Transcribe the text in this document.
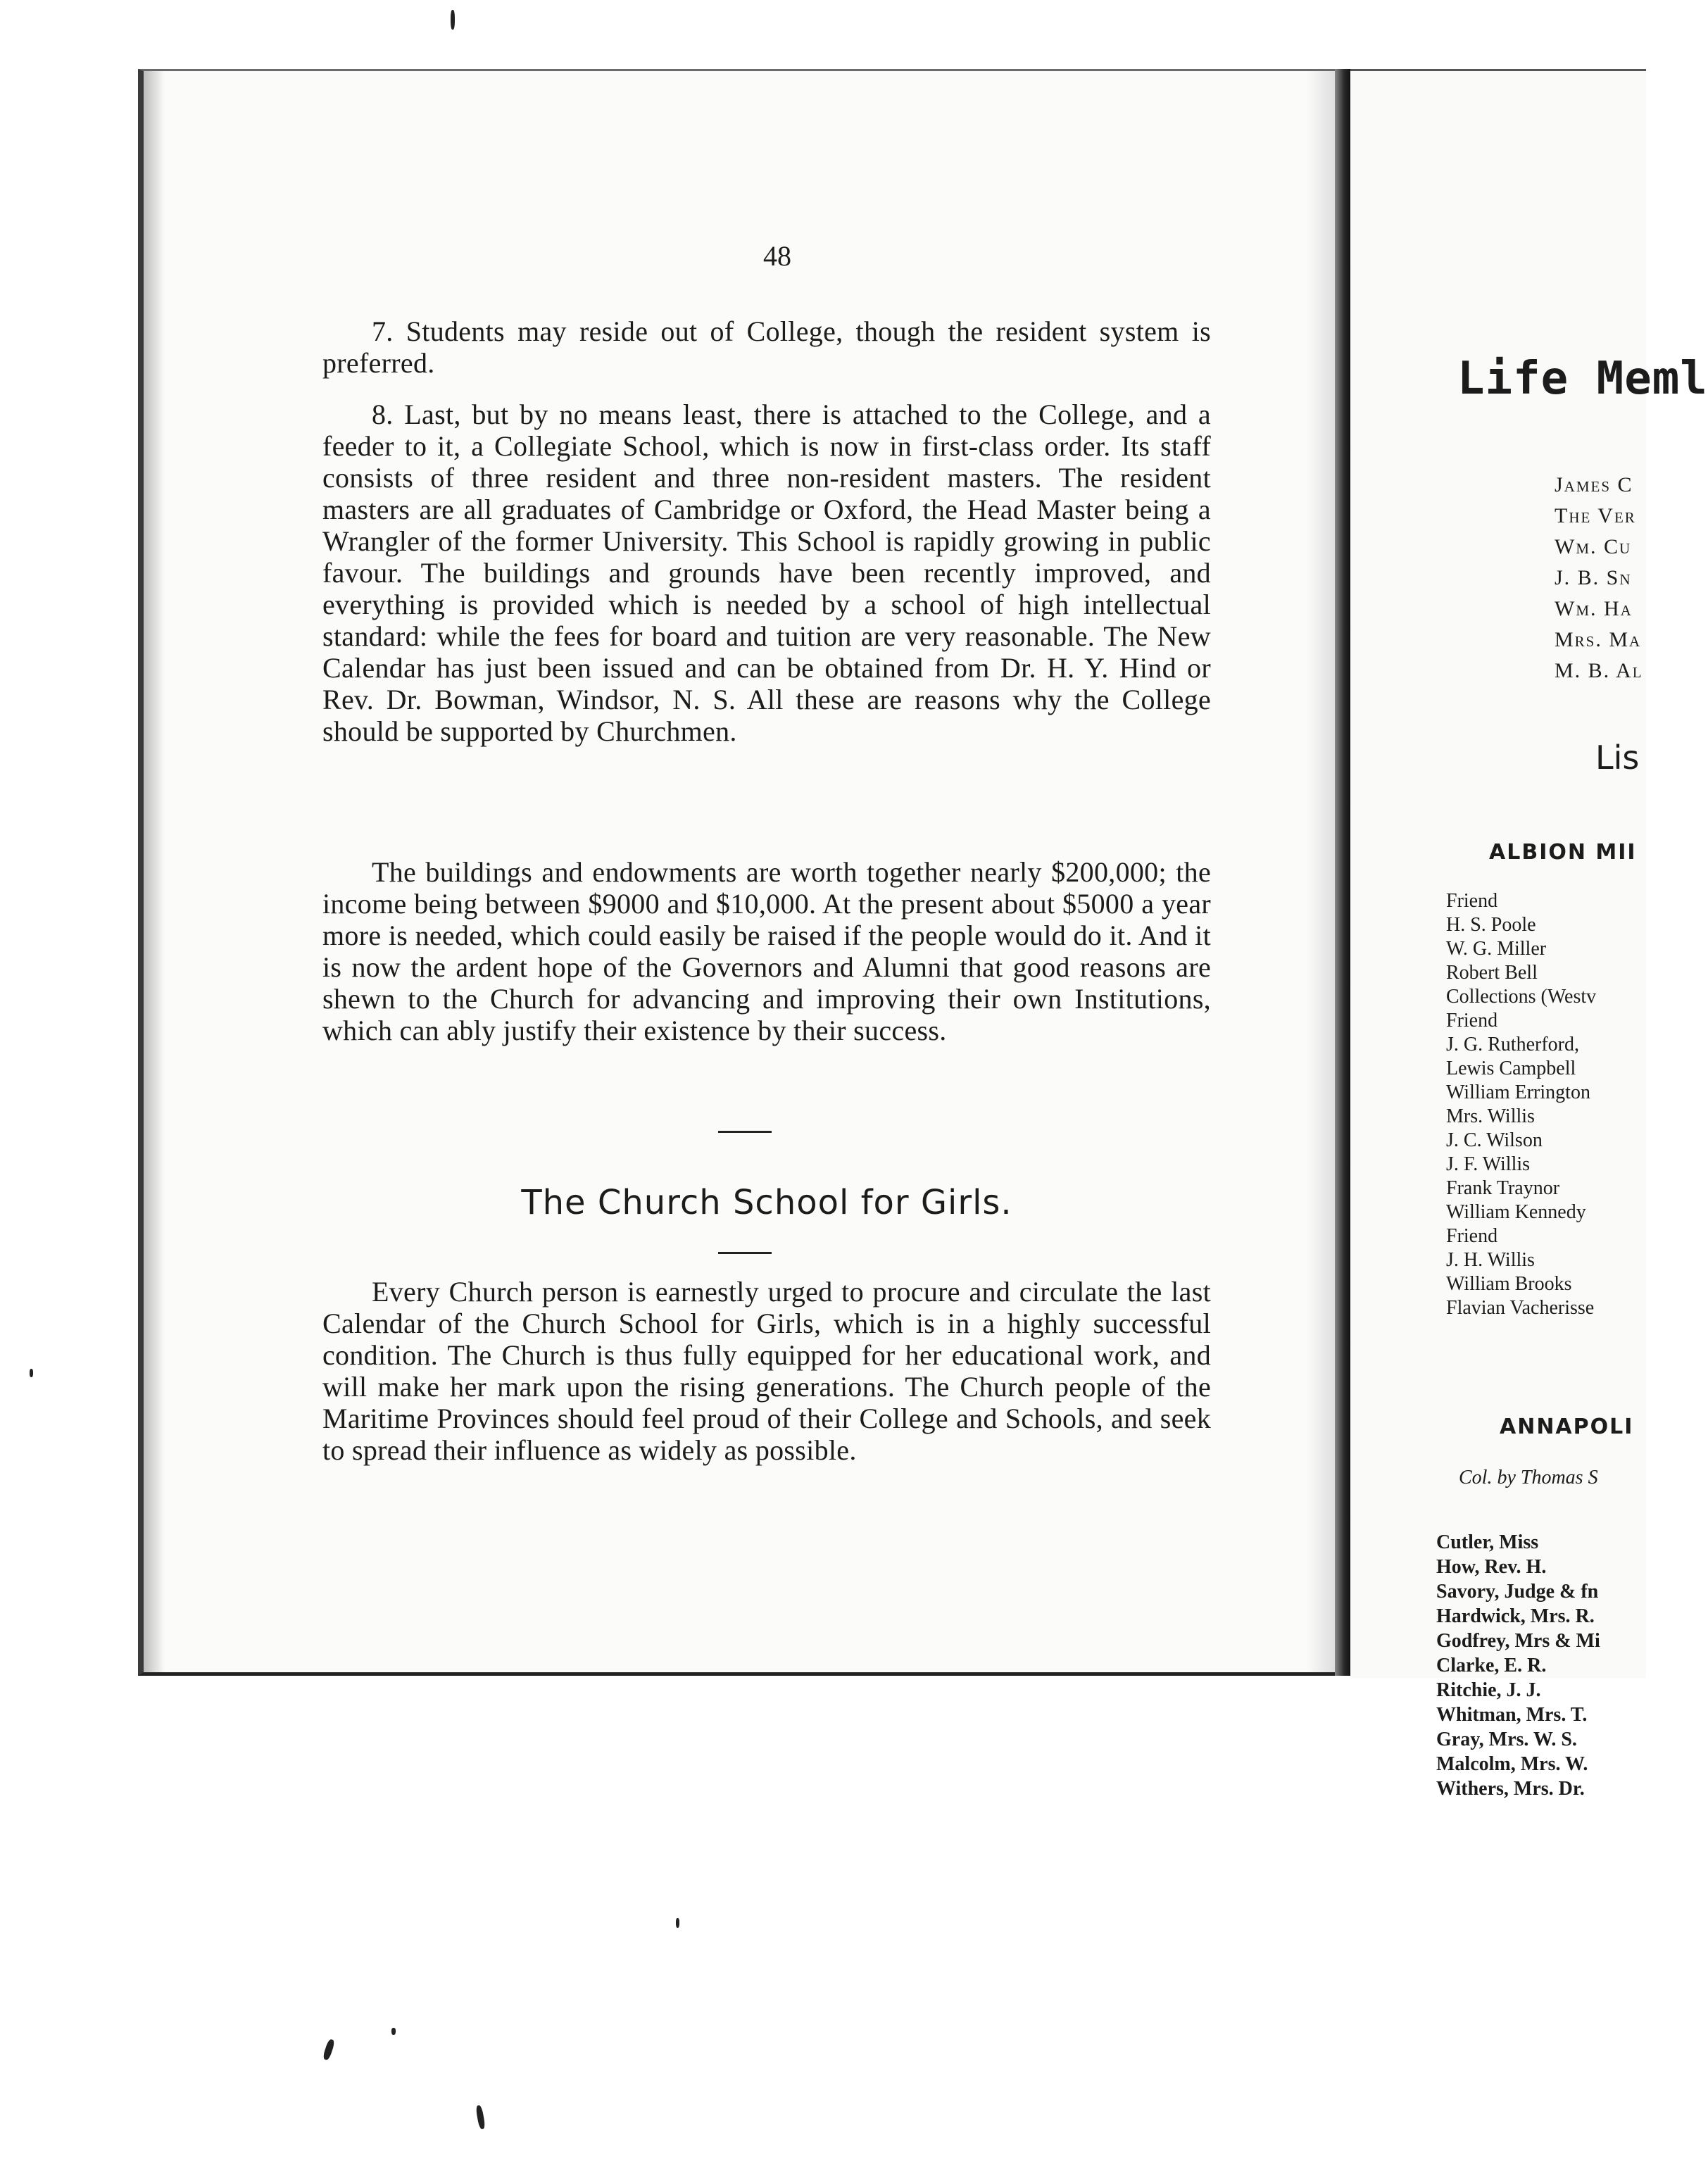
48

7. Students may reside out of College, though the resident system is preferred.

8. Last, but by no means least, there is attached to the College, and a feeder to it, a Collegiate School, which is now in first-class order. Its staff consists of three resident and three non-resident masters. The resident masters are all graduates of Cambridge or Oxford, the Head Master being a Wrangler of the former University. This School is rapidly growing in public favour. The buildings and grounds have been recently improved, and everything is provided which is needed by a school of high intellectual standard: while the fees for board and tuition are very reasonable. The New Calendar has just been issued and can be obtained from Dr. H. Y. Hind or Rev. Dr. Bowman, Windsor, N. S. All these are reasons why the College should be supported by Churchmen.

The buildings and endowments are worth together nearly $200,000; the income being between $9000 and $10,000. At the present about $5000 a year more is needed, which could easily be raised if the people would do it. And it is now the ardent hope of the Governors and Alumni that good reasons are shewn to the Church for advancing and improving their own Institutions, which can ably justify their existence by their success.

The Church School for Girls.

Every Church person is earnestly urged to procure and circulate the last Calendar of the Church School for Girls, which is in a highly successful condition. The Church is thus fully equipped for her educational work, and will make her mark upon the rising generations. The Church people of the Maritime Provinces should feel proud of their College and Schools, and seek to spread their influence as widely as possible.

Life Meml
James C
The Ver
Wm. Cu
J. B. Sn
Wm. Ha
Mrs. Ma
M. B. Al
Lis
ALBION MII
Friend
H. S. Poole
W. G. Miller
Robert Bell
Collections (Westv
Friend
J. G. Rutherford,
Lewis Campbell
William Errington
Mrs. Willis
J. C. Wilson
J. F. Willis
Frank Traynor
William Kennedy
Friend
J. H. Willis
William Brooks
Flavian Vacherisse
ANNAPOLI
Col. by Thomas S
Cutler, Miss
How, Rev. H.
Savory, Judge & fn
Hardwick, Mrs. R.
Godfrey, Mrs & Mi
Clarke, E. R.
Ritchie, J. J.
Whitman, Mrs. T.
Gray, Mrs. W. S.
Malcolm, Mrs. W.
Withers, Mrs. Dr.
